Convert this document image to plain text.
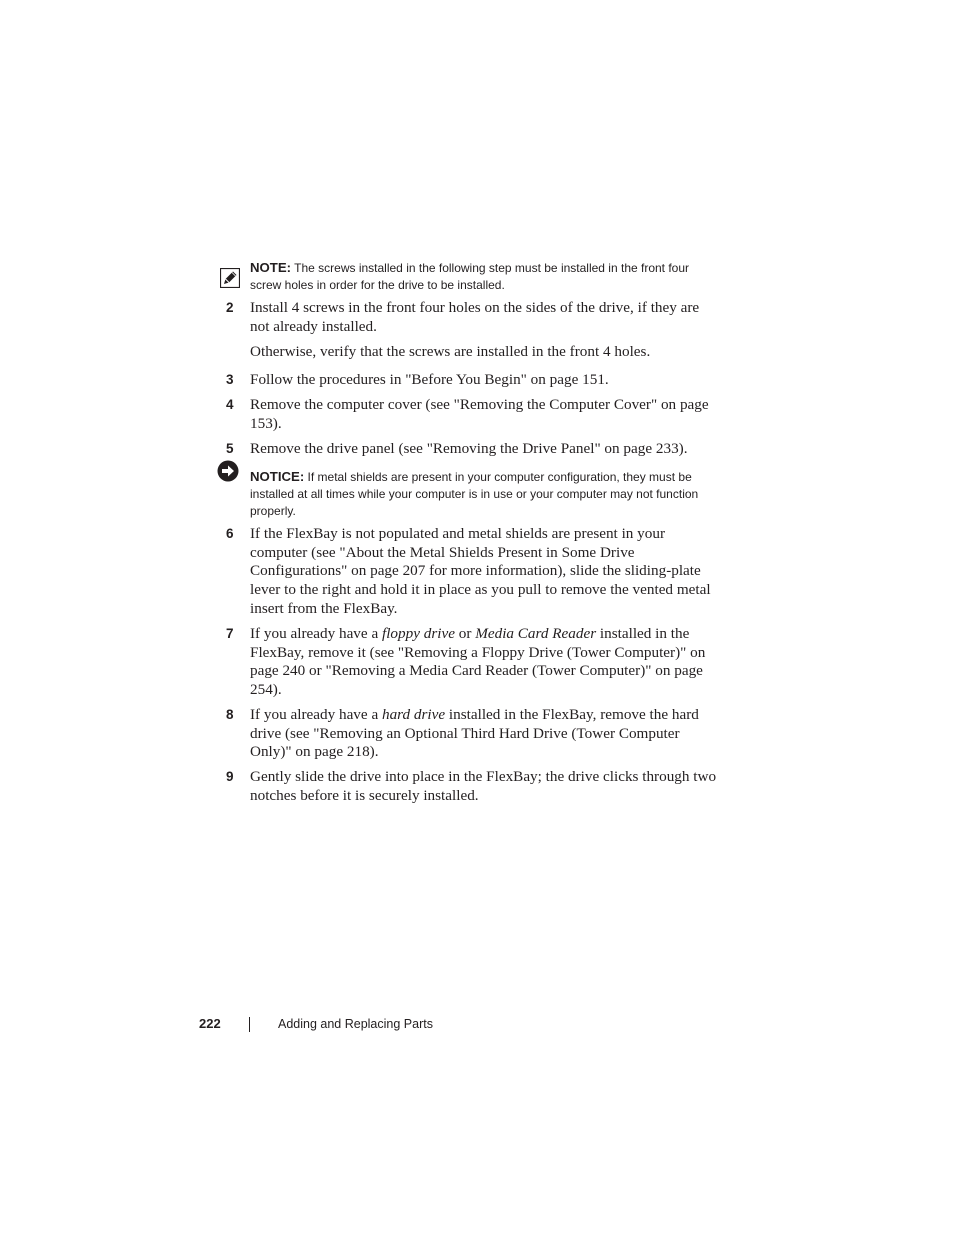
NOTE: The screws installed in the following step must be installed in the front four screw holes in order for the drive to be installed.
2 Install 4 screws in the front four holes on the sides of the drive, if they are not already installed.
Otherwise, verify that the screws are installed in the front 4 holes.
3 Follow the procedures in "Before You Begin" on page 151.
4 Remove the computer cover (see "Removing the Computer Cover" on page 153).
5 Remove the drive panel (see "Removing the Drive Panel" on page 233).
NOTICE: If metal shields are present in your computer configuration, they must be installed at all times while your computer is in use or your computer may not function properly.
6 If the FlexBay is not populated and metal shields are present in your computer (see "About the Metal Shields Present in Some Drive Configurations" on page 207 for more information), slide the sliding-plate lever to the right and hold it in place as you pull to remove the vented metal insert from the FlexBay.
7 If you already have a floppy drive or Media Card Reader installed in the FlexBay, remove it (see "Removing a Floppy Drive (Tower Computer)" on page 240 or "Removing a Media Card Reader (Tower Computer)" on page 254).
8 If you already have a hard drive installed in the FlexBay, remove the hard drive (see "Removing an Optional Third Hard Drive (Tower Computer Only)" on page 218).
9 Gently slide the drive into place in the FlexBay; the drive clicks through two notches before it is securely installed.
222	Adding and Replacing Parts
